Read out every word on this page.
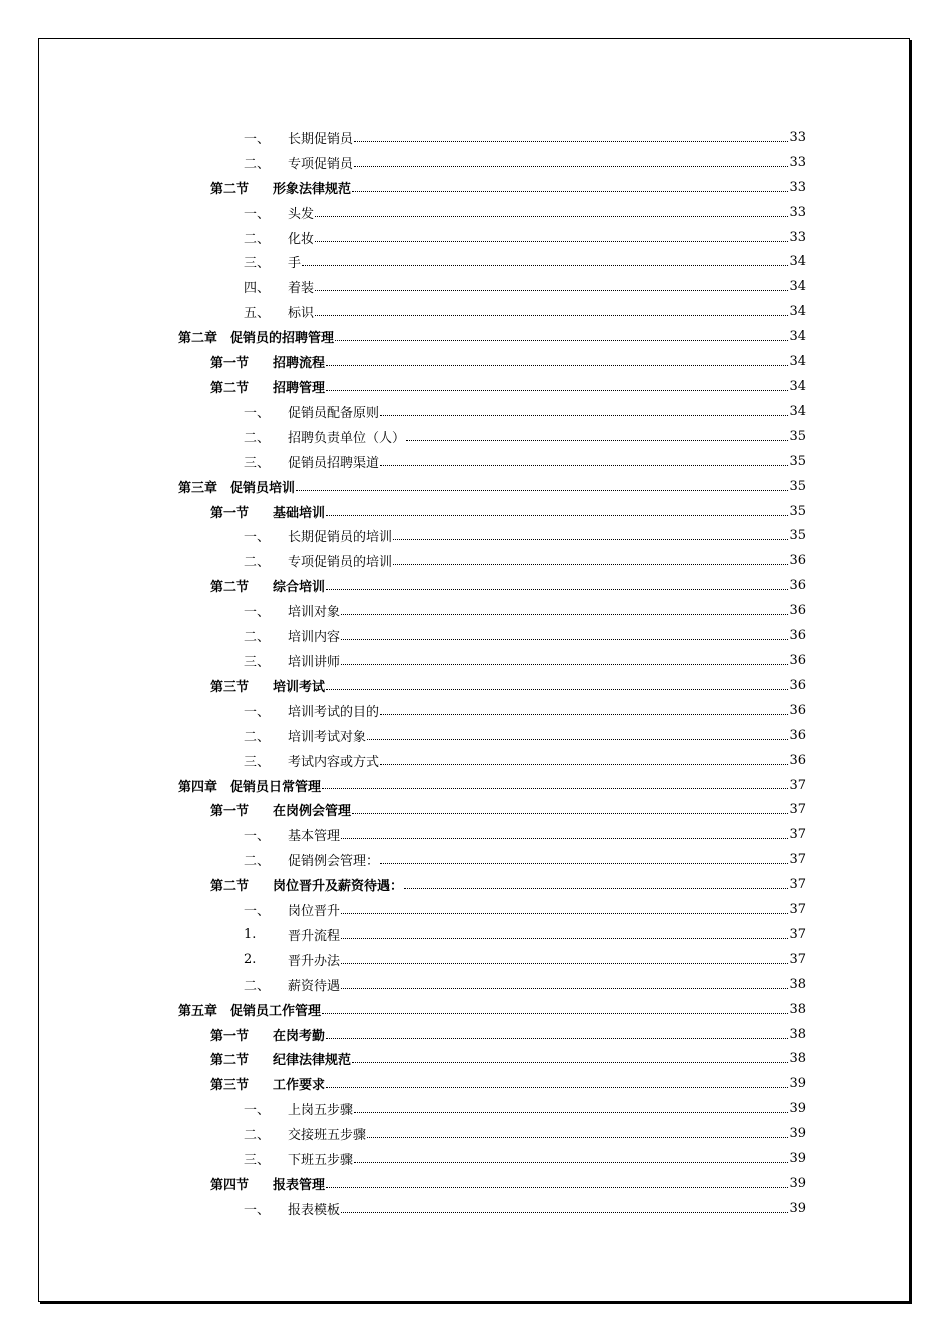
一、	长期促销员	33
二、	专项促销员	33
第二节	形象法律规范	33
一、	头发	33
二、	化妆	33
三、	手	34
四、	着装	34
五、	标识	34
第二章 促销员的招聘管理	34
第一节	招聘流程	34
第二节	招聘管理	34
一、	促销员配备原则	34
二、	招聘负责单位（人）	35
三、	促销员招聘渠道	35
第三章 促销员培训	35
第一节	基础培训	35
一、	长期促销员的培训	35
二、	专项促销员的培训	36
第二节	综合培训	36
一、	培训对象	36
二、	培训内容	36
三、	培训讲师	36
第三节	培训考试	36
一、	培训考试的目的	36
二、	培训考试对象	36
三、	考试内容或方式	36
第四章 促销员日常管理	37
第一节	在岗例会管理	37
一、	基本管理	37
二、	促销例会管理：	37
第二节	岗位晋升及薪资待遇：	37
一、	岗位晋升	37
1.	晋升流程	37
2.	晋升办法	37
二、	薪资待遇	38
第五章 促销员工作管理	38
第一节	在岗考勤	38
第二节	纪律法律规范	38
第三节	工作要求	39
一、	上岗五步骤	39
二、	交接班五步骤	39
三、	下班五步骤	39
第四节	报表管理	39
一、	报表模板	39
